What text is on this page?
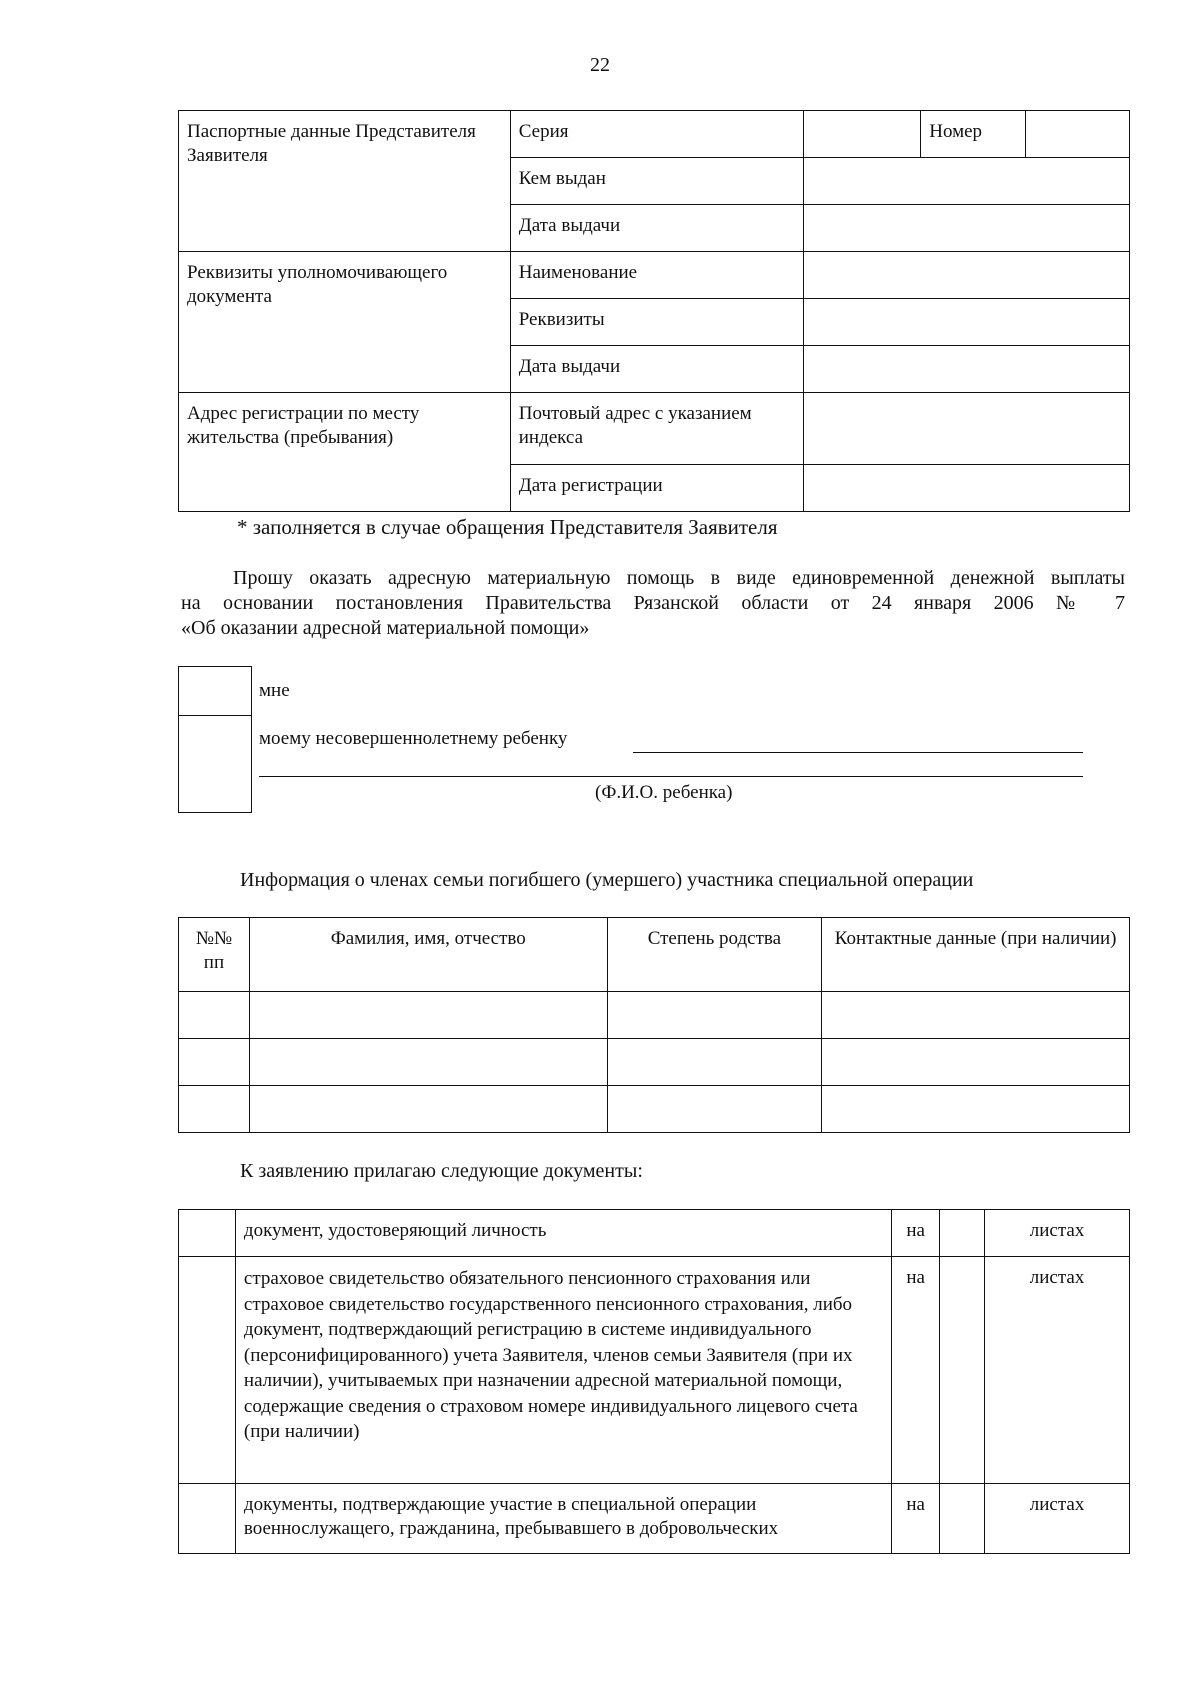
22
Паспортные данные Представителя Заявителя	Серия		Номер	
	Кем выдан			
	Дата выдачи			
Реквизиты уполномочивающего документа	Наименование			
	Реквизиты			
	Дата выдачи			
Адрес регистрации по месту жительства (пребывания)	Почтовый адрес с указанием индекса			
	Дата регистрации			
* заполняется в случае обращения Представителя Заявителя
Прошу оказать адресную материальную помощь в виде единовременной денежной выплаты
на основании постановления Правительства Рязанской области от 24 января 2006 № 7
«Об оказании адресной материальной помощи»
мне
моему несовершеннолетнему ребенку
(Ф.И.О. ребенка)
Информация о членах семьи погибшего (умершего) участника специальной операции
№№ пп	Фамилия, имя, отчество	Степень родства	Контактные данные (при наличии)

К заявлению прилагаю следующие документы:
	документ, удостоверяющий личность	на		листах
	страховое свидетельство обязательного пенсионного страхования или страховое свидетельство государственного пенсионного страхования, либо документ, подтверждающий регистрацию в системе индивидуального (персонифицированного) учета Заявителя, членов семьи Заявителя (при их наличии), учитываемых при назначении адресной материальной помощи, содержащие сведения о страховом номере индивидуального лицевого счета (при наличии)	на		листах
	документы, подтверждающие участие в специальной операции военнослужащего, гражданина, пребывавшего в добровольческих	на		листах
